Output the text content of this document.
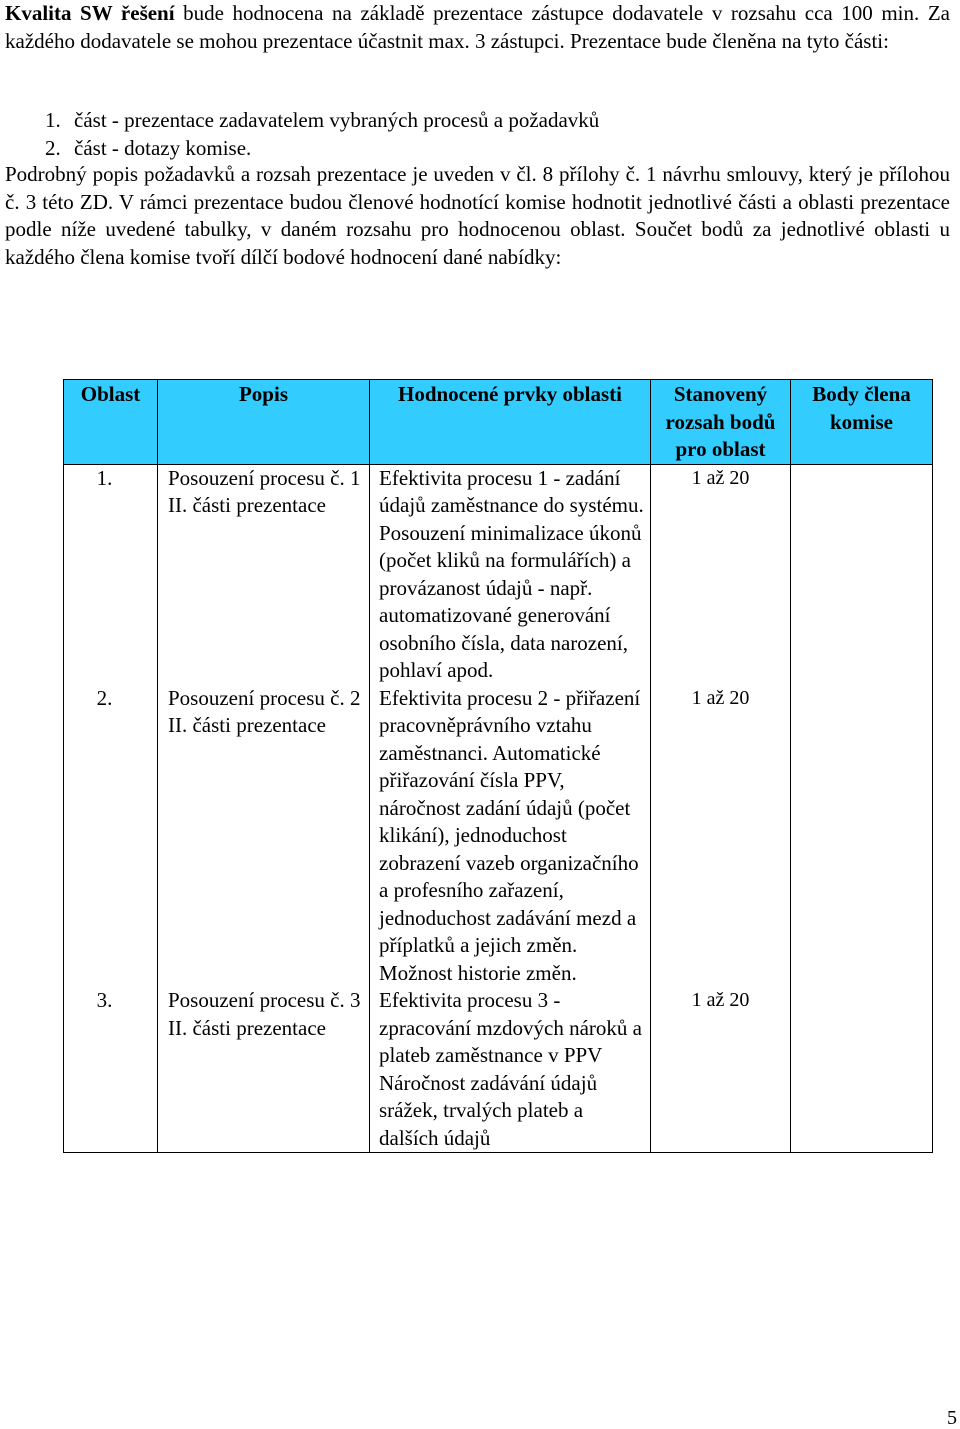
Kvalita SW řešení bude hodnocena na základě prezentace zástupce dodavatele v rozsahu cca 100 min. Za každého dodavatele se mohou prezentace účastnit max. 3 zástupci. Prezentace bude členěna na tyto části:
1. část - prezentace zadavatelem vybraných procesů a požadavků
2. část - dotazy komise.
Podrobný popis požadavků a rozsah prezentace je uveden v čl. 8 přílohy č. 1 návrhu smlouvy, který je přílohou č. 3 této ZD. V rámci prezentace budou členové hodnotící komise hodnotit jednotlivé části a oblasti prezentace podle níže uvedené tabulky, v daném rozsahu pro hodnocenou oblast. Součet bodů za jednotlivé oblasti u každého člena komise tvoří dílčí bodové hodnocení dané nabídky:
Oblast	Popis	Hodnocené prvky oblasti	Stanovený rozsah bodů pro oblast	Body člena komise
1.	Posouzení procesu č. 1 II. části prezentace	Efektivita procesu 1 - zadání údajů zaměstnance do systému. Posouzení minimalizace úkonů (počet kliků na formulářích) a provázanost údajů - např. automatizované generování osobního čísla, data narození, pohlaví apod.	1 až 20	
2.	Posouzení procesu č. 2 II. části prezentace	Efektivita procesu 2 - přiřazení pracovněprávního vztahu zaměstnanci. Automatické přiřazování čísla PPV, náročnost zadání údajů (počet klikání), jednoduchost zobrazení vazeb organizačního a profesního zařazení, jednoduchost zadávání mezd a příplatků a jejich změn. Možnost historie změn.	1 až 20	
3.	Posouzení procesu č. 3 II. části prezentace	Efektivita procesu 3 - zpracování mzdových nároků a plateb zaměstnance v PPV Náročnost zadávání údajů srážek, trvalých plateb a dalších údajů	1 až 20	
5
